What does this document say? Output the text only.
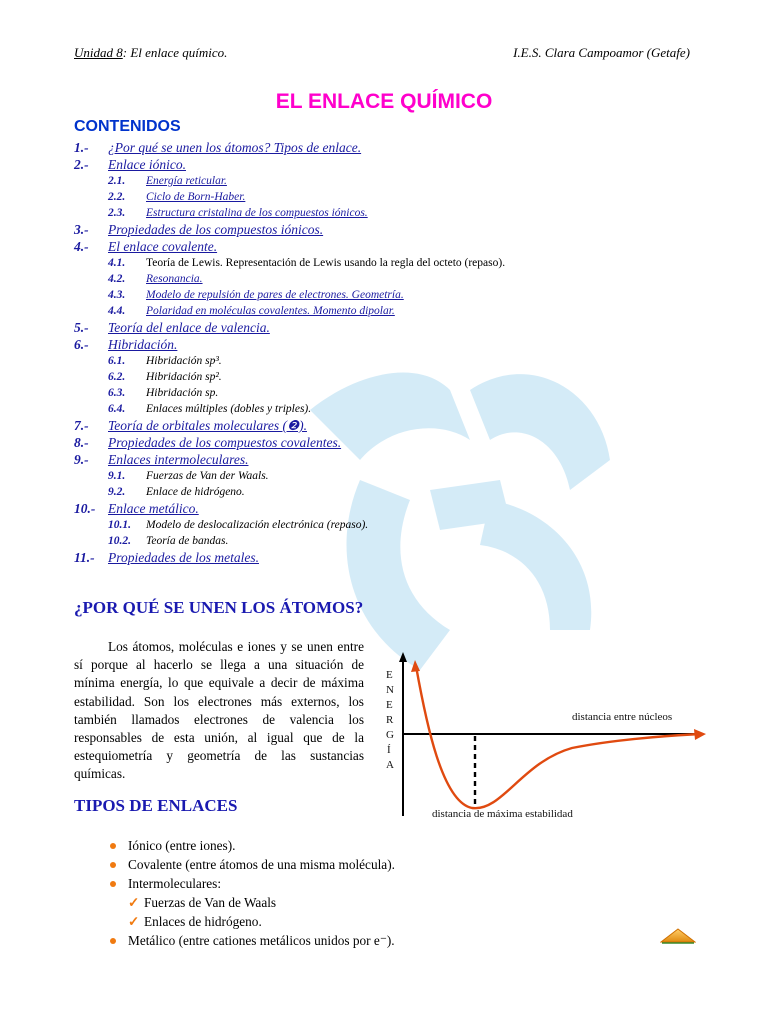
Unidad 8: El enlace químico.	I.E.S. Clara Campoamor (Getafe)
EL ENLACE QUÍMICO
CONTENIDOS
1.- ¿Por qué se unen los átomos? Tipos de enlace.
2.- Enlace iónico.
2.1. Energía reticular.
2.2. Ciclo de Born-Haber.
2.3. Estructura cristalina de los compuestos iónicos.
3.- Propiedades de los compuestos iónicos.
4.- El enlace covalente.
4.1. Teoría de Lewis. Representación de Lewis usando la regla del octeto (repaso).
4.2. Resonancia.
4.3. Modelo de repulsión de pares de electrones. Geometría.
4.4. Polaridad en moléculas covalentes. Momento dipolar.
5.- Teoría del enlace de valencia.
6.- Hibridación.
6.1. Hibridación sp³.
6.2. Hibridación sp².
6.3. Hibridación sp.
6.4. Enlaces múltiples (dobles y triples).
7.- Teoría de orbitales moleculares (❷).
8.- Propiedades de los compuestos covalentes.
9.- Enlaces intermoleculares.
9.1. Fuerzas de Van der Waals.
9.2. Enlace de hidrógeno.
10.- Enlace metálico.
10.1. Modelo de deslocalización electrónica (repaso).
10.2. Teoría de bandas.
11.- Propiedades de los metales.
¿POR QUÉ SE UNEN LOS ÁTOMOS?
Los átomos, moléculas e iones y se unen entre sí porque al hacerlo se llega a una situación de mínima energía, lo que equivale a decir de máxima estabilidad. Son los electrones más externos, los también llamados electrones de valencia los responsables de esta unión, al igual que de la estequiometría y geometría de las sustancias químicas.
E
N
E
R
G
Í
A
distancia entre núcleos
distancia de máxima estabilidad
TIPOS DE ENLACES
Iónico (entre iones).
Covalente (entre átomos de una misma molécula).
Intermoleculares:
✓ Fuerzas de Van de Waals
✓ Enlaces de hidrógeno.
Metálico (entre cationes metálicos unidos por e⁻).
